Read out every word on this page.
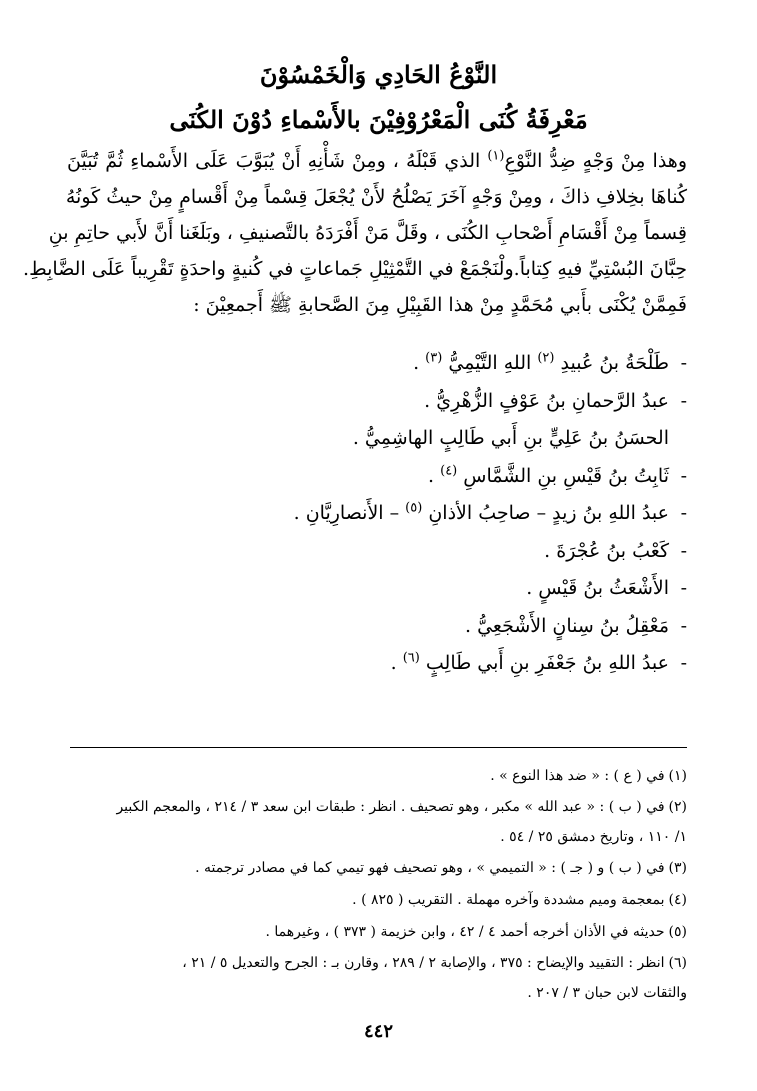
النَّوْعُ الحَادِي وَالْخَمْسُوْنَ
مَعْرِفَةُ كُنَى الْمَعْرُوْفِيْنَ بالأَسْماءِ دُوْنَ الكُنَى
وهذا مِنْ وَجْهٍ ضِدُّ النَّوْعِ$^{(١)}$ الذي قَبْلَهُ ، ومِنْ شَأْنِهِ أَنْ يُبَوَّبَ عَلَى الأَسْماءِ ثُمَّ تُبَيَّنَ
كُناهَا بخِلافِ ذاكَ ، ومِنْ وَجْهٍ آخَرَ يَصْلُحُ لأَنْ يُجْعَلَ قِسْماً مِنْ أَقْسامٍ مِنْ حيثُ كَونُهُ
قِسماً مِنْ أَقْسَامِ أَصْحابِ الكُنَى ، وقَلَّ مَنْ أَفْرَدَهُ بالتَّصنيفِ ، وبَلَغَنا أَنَّ لأَبي حاتِمِ بنِ
حِبَّانَ البُسْتِيِّ فيهِ كِتاباً.ولْنَجْمَعْ في التَّمْثِيْلِ جَماعاتٍ في كُنيةٍ واحدَةٍ تَقْرِيباً عَلَى الضَّابِطِ.
فَمِمَّنْ يُكْنَى بأَبي مُحَمَّدٍ مِنْ هذا القَبِيْلِ مِنَ الصَّحابةِ ﷺ أَجمعِيْنَ :
-طَلْحَةُ بنُ عُبيدِ $^{(٢)}$ اللهِ التَّيْمِيُّ $^{(٣)}$ .
-عبدُ الرَّحمانِ بنُ عَوْفٍ الزُّهْرِيُّ .
الحسَنُ بنُ عَلِيٍّ بنِ أَبي طَالِبٍ الهاشِمِيُّ .
-ثَابِتُ بنُ قَيْسِ بنِ الشَّمَّاسِ $^{(٤)}$ .
-عبدُ اللهِ بنُ زيدٍ – صاحِبُ الأذانِ $^{(٥)}$ – الأَنصارِيَّانِ .
-كَعْبُ بنُ عُجْرَةَ .
-الأَشْعَثُ بنُ قَيْسٍ .
-مَعْقِلُ بنُ سِنانٍ الأَشْجَعِيُّ .
-عبدُ اللهِ بنُ جَعْفَرِ بنِ أَبي طَالِبٍ $^{(٦)}$ .
(١)في ( ع ) : « ضد هذا النوع » .
(٢)في ( ب ) : « عبد الله » مكبر ، وهو تصحيف . انظر : طبقات ابن سعد ٣ / ٢١٤ ، والمعجم الكبير
١/ ١١٠ ، وتاريخ دمشق ٢٥ / ٥٤ .
(٣)في ( ب ) و ( جـ ) : « التميمي » ، وهو تصحيف فهو تيمي كما في مصادر ترجمته .
(٤)بمعجمة وميم مشددة وآخره مهملة . التقريب ( ٨٢٥ ) .
(٥)حديثه في الأذان أخرجه أحمد ٤ / ٤٢ ، وابن خزيمة ( ٣٧٣ ) ، وغيرهما .
(٦)انظر : التقييد والإيضاح : ٣٧٥ ، والإصابة ٢ / ٢٨٩ ، وقارن بـ : الجرح والتعديل ٥ / ٢١ ،
والثقات لابن حبان ٣ / ٢٠٧ .
٤٤٢
